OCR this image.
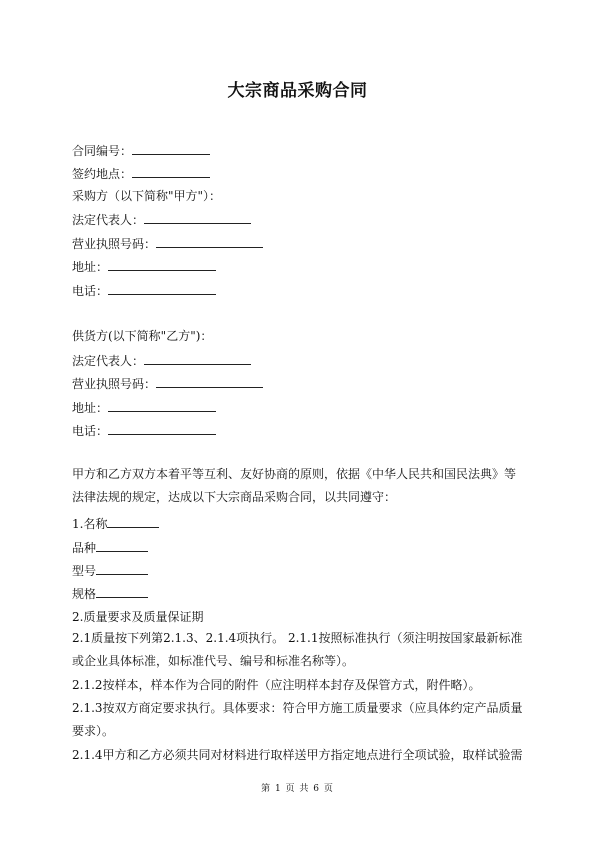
大宗商品采购合同
合同编号：
签约地点：
采购方（以下简称"甲方"）：
法定代表人：
营业执照号码：
地址：
电话：
供货方(以下简称"乙方")：
法定代表人：
营业执照号码：
地址：
电话：
甲方和乙方双方本着平等互利、友好协商的原则，依据《中华人民共和国民法典》等法律法规的规定，达成以下大宗商品采购合同，以共同遵守：
1.名称
品种
型号
规格
2.质量要求及质量保证期
2.1质量按下列第2.1.3、2.1.4项执行。 2.1.1按照标准执行（须注明按国家最新标准或企业具体标准，如标准代号、编号和标准名称等）。
2.1.2按样本，样本作为合同的附件（应注明样本封存及保管方式，附件略）。
2.1.3按双方商定要求执行。具体要求：符合甲方施工质量要求（应具体约定产品质量要求）。
2.1.4甲方和乙方必须共同对材料进行取样送甲方指定地点进行全项试验，取样试验需
第 1 页 共 6 页
